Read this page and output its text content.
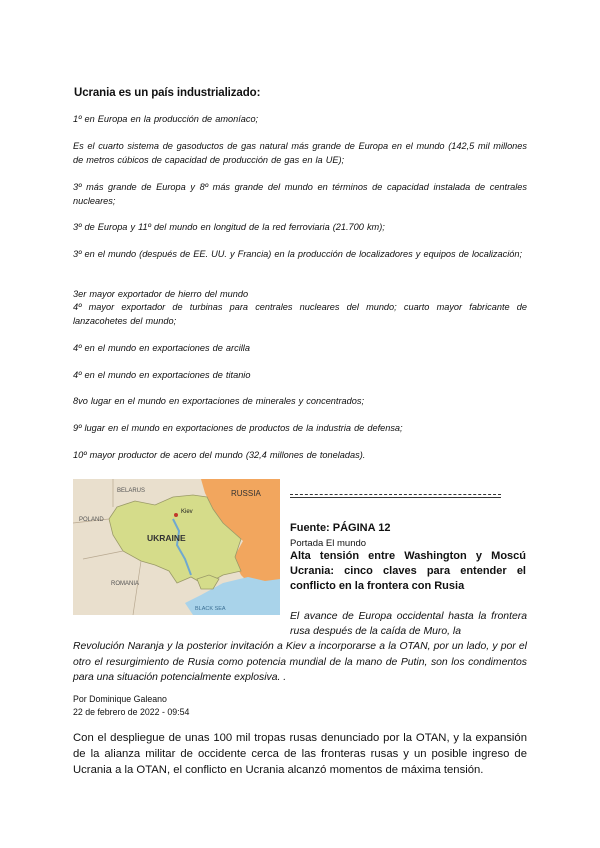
Ucrania es un país industrializado:
1º en Europa en la producción de amoníaco;
Es el cuarto sistema de gasoductos de gas natural más grande de Europa en el mundo (142,5 mil millones de metros cúbicos de capacidad de producción de gas en la UE);
3º más grande de Europa y 8º más grande del mundo en términos de capacidad instalada de centrales nucleares;
3º de Europa y 11º del mundo en longitud de la red ferroviaria (21.700 km);
3º en el mundo (después de EE. UU. y Francia) en la producción de localizadores y equipos de localización;
3er mayor exportador de hierro del mundo
4º mayor exportador de turbinas para centrales nucleares del mundo; cuarto mayor fabricante de lanzacohetes del mundo;
4º en el mundo en exportaciones de arcilla
4º en el mundo en exportaciones de titanio
8vo lugar en el mundo en exportaciones de minerales y concentrados;
9º lugar en el mundo en exportaciones de productos de la industria de defensa;
10º mayor productor de acero del mundo (32,4 millones de toneladas).
BELARUS	RUSSIA
POLAND
Kiev
UKRAINE
ROMANIA
BLACK SEA
Fuente: PÁGINA 12
Portada El mundo
Alta tensión entre Washington y Moscú Ucrania: cinco claves para entender el conflicto en la frontera con Rusia
El avance de Europa occidental hasta la frontera rusa después de la caída de Muro, la
Revolución Naranja y la posterior invitación a Kiev a incorporarse a la OTAN, por un lado, y por el otro el resurgimiento de Rusia como potencia mundial de la mano de Putin, son los condimentos para una situación potencialmente explosiva. .
Por Dominique Galeano
22 de febrero de 2022 - 09:54
Con el despliegue de unas 100 mil tropas rusas denunciado por la OTAN, y la expansión de la alianza militar de occidente cerca de las fronteras rusas y un posible ingreso de Ucrania a la OTAN, el conflicto en Ucrania alcanzó momentos de máxima tensión.
